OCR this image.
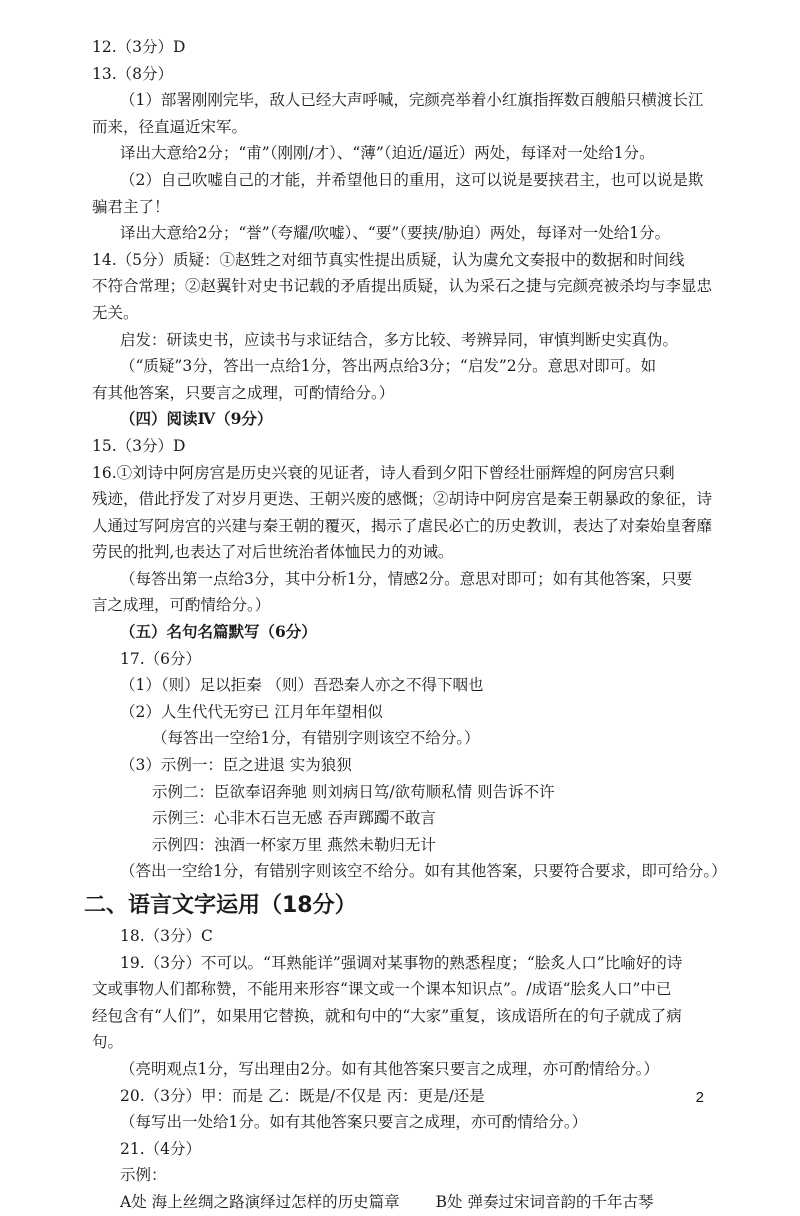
12.（3分）D
13.（8分）
（1）部署刚刚完毕，敌人已经大声呼喊，完颜亮举着小红旗指挥数百艘船只横渡长江
而来，径直逼近宋军。
译出大意给2分；“甫”（刚刚/才）、“薄”（迫近/逼近）两处，每译对一处给1分。
（2）自己吹嘘自己的才能，并希望他日的重用，这可以说是要挟君主，也可以说是欺
骗君主了！
译出大意给2分；“誉”（夸耀/吹嘘）、“要”（要挟/胁迫）两处，每译对一处给1分。
14.（5分）质疑：①赵甡之对细节真实性提出质疑，认为虞允文奏报中的数据和时间线
不符合常理；②赵翼针对史书记载的矛盾提出质疑，认为采石之捷与完颜亮被杀均与李显忠
无关。
启发：研读史书，应读书与求证结合，多方比较、考辨异同，审慎判断史实真伪。
（“质疑”3分，答出一点给1分，答出两点给3分；“启发”2分。意思对即可。如
有其他答案，只要言之成理，可酌情给分。）
（四）阅读Ⅳ（9分）
15.（3分）D
16.①刘诗中阿房宫是历史兴衰的见证者，诗人看到夕阳下曾经壮丽辉煌的阿房宫只剩
残迹，借此抒发了对岁月更迭、王朝兴废的感慨；②胡诗中阿房宫是秦王朝暴政的象征，诗
人通过写阿房宫的兴建与秦王朝的覆灭，揭示了虐民必亡的历史教训，表达了对秦始皇奢靡
劳民的批判,也表达了对后世统治者体恤民力的劝诫。
（每答出第一点给3分，其中分析1分，情感2分。意思对即可；如有其他答案，只要
言之成理，可酌情给分。）
（五）名句名篇默写（6分）
17.（6分）
（1）（则）足以拒秦 （则）吾恐秦人亦之不得下咽也
（2）人生代代无穷已 江月年年望相似
（每答出一空给1分，有错别字则该空不给分。）
（3）示例一：臣之进退 实为狼狈
示例二：臣欲奉诏奔驰 则刘病日笃/欲苟顺私情 则告诉不许
示例三：心非木石岂无感 吞声踯躅不敢言
示例四：浊酒一杯家万里 燕然未勒归无计
（答出一空给1分，有错别字则该空不给分。如有其他答案，只要符合要求，即可给分。）
二、语言文字运用（18分）
18.（3分）C
19.（3分）不可以。“耳熟能详”强调对某事物的熟悉程度；“脍炙人口”比喻好的诗
文或事物人们都称赞，不能用来形容“课文或一个课本知识点”。/成语“脍炙人口”中已
经包含有“人们”，如果用它替换，就和句中的“大家”重复，该成语所在的句子就成了病
句。
（亮明观点1分，写出理由2分。如有其他答案只要言之成理，亦可酌情给分。）
20.（3分）甲：而是 乙：既是/不仅是 丙：更是/还是
（每写出一处给1分。如有其他答案只要言之成理，亦可酌情给分。）
21.（4分）
示例：
A处 海上丝绸之路演绎过怎样的历史篇章 B处 弹奏过宋词音韵的千年古琴
2
